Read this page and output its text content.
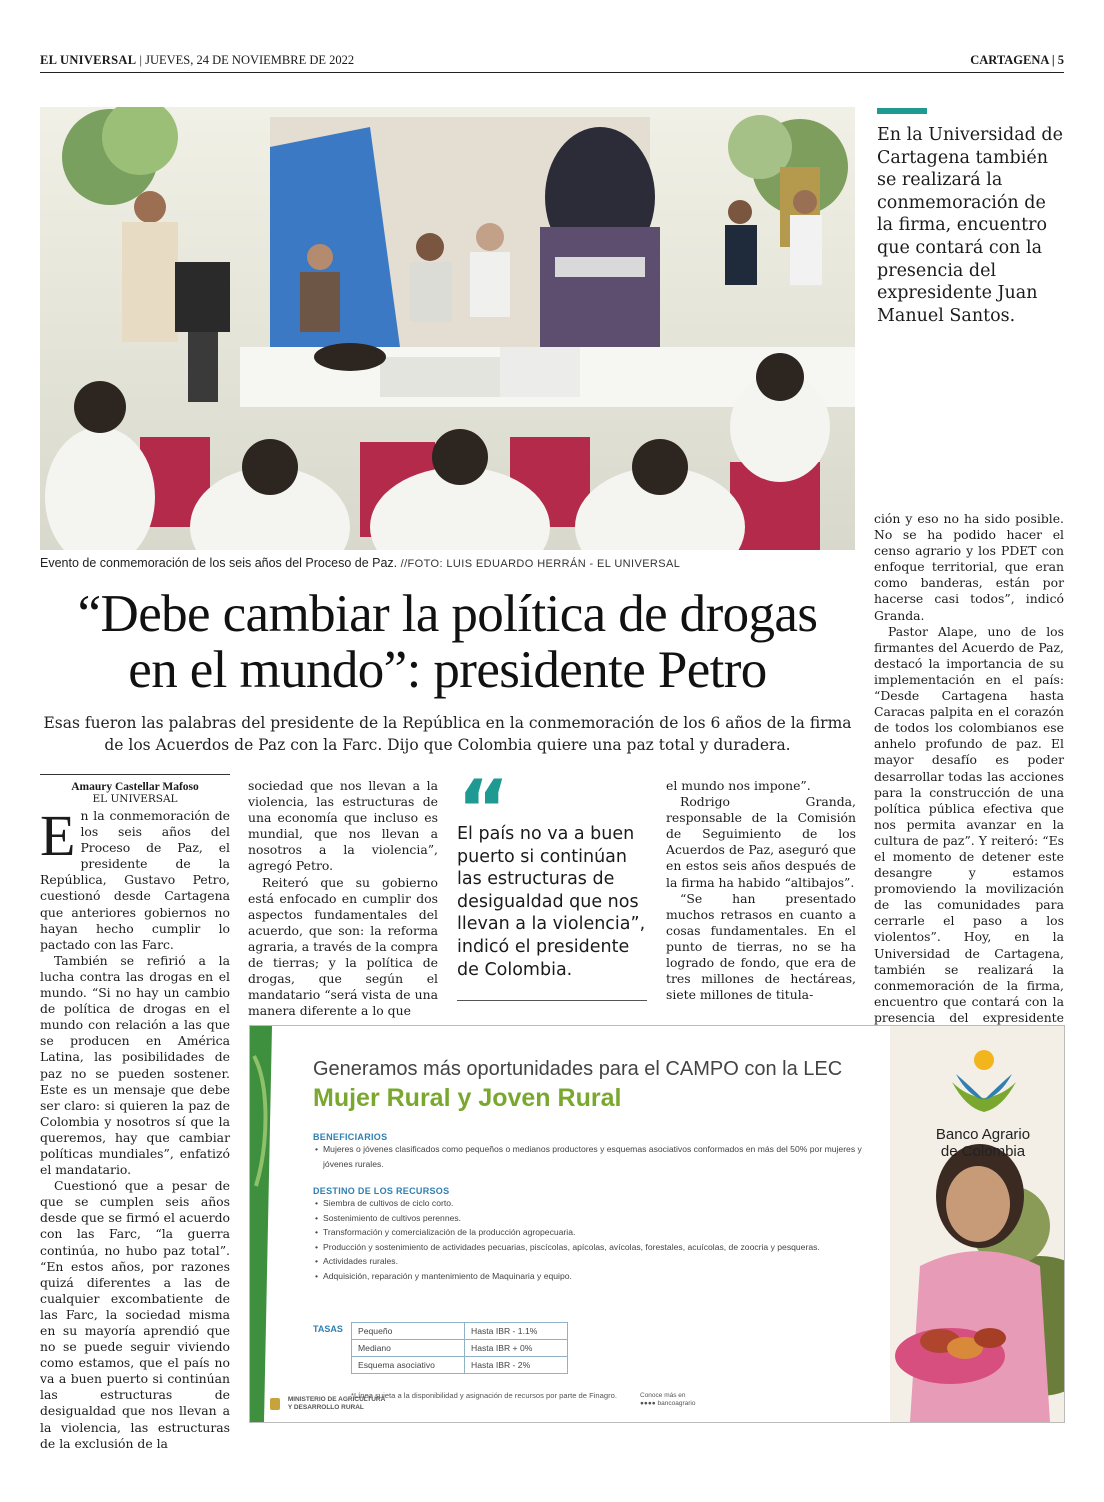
EL UNIVERSAL | JUEVES, 24 DE NOVIEMBRE DE 2022	CARTAGENA | 5
Evento de conmemoración de los seis años del Proceso de Paz. //FOTO: LUIS EDUARDO HERRÁN - EL UNIVERSAL
En la Universidad de Cartagena también se realizará la conmemoración de la firma, encuentro que contará con la presencia del expresidente Juan Manuel Santos.
“Debe cambiar la política de drogas
en el mundo”: presidente Petro
Esas fueron las palabras del presidente de la República en la conmemoración de los 6 años de la firma de los Acuerdos de Paz con la Farc. Dijo que Colombia quiere una paz total y duradera.
Amaury Castellar Mafoso
EL UNIVERSAL

En la conmemoración de los seis años del Proceso de Paz, el presidente de la República, Gustavo Petro, cuestionó desde Cartagena que anteriores gobiernos no hayan hecho cumplir lo pactado con las Farc.

También se refirió a la lucha contra las drogas en el mundo. “Si no hay un cambio de política de drogas en el mundo con relación a las que se producen en América Latina, las posibilidades de paz no se pueden sostener. Este es un mensaje que debe ser claro: si quieren la paz de Colombia y nosotros sí que la queremos, hay que cambiar políticas mundiales”, enfatizó el mandatario.

Cuestionó que a pesar de que se cumplen seis años desde que se firmó el acuerdo con las Farc, “la guerra continúa, no hubo paz total”. “En estos años, por razones quizá diferentes a las de cualquier excombatiente de las Farc, la sociedad misma en su mayoría aprendió que no se puede seguir viviendo como estamos, que el país no va a buen puerto si continúan las estructuras de desigualdad que nos llevan a la violencia, las estructuras de la exclusión de la

sociedad que nos llevan a la violencia, las estructuras de una economía que incluso es mundial, que nos llevan a nosotros a la violencia”, agregó Petro.

Reiteró que su gobierno está enfocado en cumplir dos aspectos fundamentales del acuerdo, que son: la reforma agraria, a través de la compra de tierras; y la política de drogas, que según el mandatario “será vista de una manera diferente a lo que

“
El país no va a buen puerto si continúan las estructuras de desigualdad que nos llevan a la violencia”, indicó el presidente de Colombia.

el mundo nos impone”.

Rodrigo Granda, responsable de la Comisión de Seguimiento de los Acuerdos de Paz, aseguró que en estos seis años después de la firma ha habido “altibajos”.

“Se han presentado muchos retrasos en cuanto a cosas fundamentales. En el punto de tierras, no se ha logrado de fondo, que era de tres millones de hectáreas, siete millones de titula-

ción y eso no ha sido posible. No se ha podido hacer el censo agrario y los PDET con enfoque territorial, que eran como banderas, están por hacerse casi todos”, indicó Granda.

Pastor Alape, uno de los firmantes del Acuerdo de Paz, destacó la importancia de su implementación en el país: “Desde Cartagena hasta Caracas palpita en el corazón de todos los colombianos ese anhelo profundo de paz. El mayor desafío es poder desarrollar todas las acciones para la construcción de una política pública efectiva que nos permita avanzar en la cultura de paz”. Y reiteró: “Es el momento de detener este desangre y estamos promoviendo la movilización de las comunidades para cerrarle el paso a los violentos”. Hoy, en la Universidad de Cartagena, también se realizará la conmemoración de la firma, encuentro que contará con la presencia del expresidente

Generamos más oportunidades para el CAMPO con la LEC
Mujer Rural y Joven Rural
BENEFICIARIOS
• Mujeres o jóvenes clasificados como pequeños o medianos productores y esquemas asociativos conformados en más del 50% por mujeres y jóvenes rurales.
DESTINO DE LOS RECURSOS
• Siembra de cultivos de ciclo corto.
• Sostenimiento de cultivos perennes.
• Transformación y comercialización de la producción agropecuaria.
• Producción y sostenimiento de actividades pecuarias, piscícolas, apícolas, avícolas, forestales, acuícolas, de zoocria y pesqueras.
• Actividades rurales.
• Adquisición, reparación y mantenimiento de Maquinaria y equipo.
TASAS Pequeño	Hasta IBR - 1.1%
Mediano	Hasta IBR + 0%
Esquema asociativo	Hasta IBR - 2%
*Línea sujeta a la disponibilidad y asignación de recursos por parte de Finagro.
MINISTERIO DE AGRICULTURA
Y DESARROLLO RURAL
Conoce más en
●●●● bancoagrario
Banco Agrario
de Colombia
